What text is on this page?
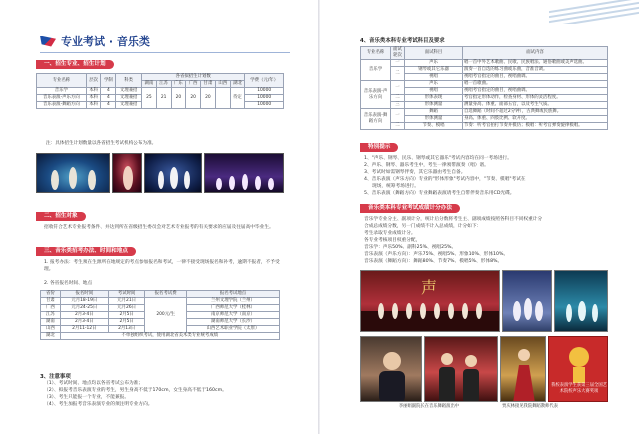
专业考试 · 音乐类
一、招生专业、招生计划
专业名称	层次	学制	科类	各省拟招生计划数							学费（元/年）
				湖南	江苏	广东	广西	甘肃	山西	湖北	
音乐学	本科	4	文理兼招	25	21	20	20	20		待定	10000
音乐表演-声乐方向	本科	4	文理兼招								10000
音乐表演-舞蹈方向	本科	4	文理兼招								10000
注：具体招生计划数量以各省招生考试机构公布为准。
二、招生对象
招收符合艺术专业报考条件、并达到所在省级招生委员会对艺术专业报考的有关要求的应届及往届高中毕业生。
三、音乐类招考办法、时间和地点
1. 报考办法：考生须在生源所在地规定的考点参加报名和考试，一律不接受现场报名和补考，逾期不报者，不予受理。
2. 各省报名时间、地点
省份	报名时间	考试时间	报名考试费	报名考试地点
甘肃	元月18-19日	元月21日	200元/生	兰州文理学院（兰州）
广西	元月24-25日	元月26日		广西师范大学（桂林）
江苏	2月3-4日	2月5日		南京师范大学（南京）
湖南	2月3-4日	2月5日		湖南师范大学（长沙）
山西	2月11-12日	2月13日		山西艺术职业学院（太原）
湖北	不单独组织考试，使用湖北省美术类专业统考成绩			
3、注意事项
（1）、考试时间、地点均以各省考试公布为准；
（2）、拟报考音乐表演专业的考生，男生身高不低于170cm，女生身高不低于160cm。
（3）、考生只能报一个专业，不能兼报。
（4）、考生加报考音乐表演专业的须注明专业方向。
4、音乐类本科专业考试科目及要求
专业名称	面试轮次	面试科目	面试内容
音乐学	一	声乐	唱一首中外艺术歌曲、民歌、民族唱法、通俗歌曲或美声选曲。
	二	钢琴或其它乐器	演奏一首自选的练习曲或乐曲，音准音调。
		视唱	视唱考官指定的曲目，视唱曲调。
音乐表演-声乐方向	一	声乐	唱一首歌曲。
		视唱	视唱考官指定的曲目，视唱曲调。
	二	形体表现	考官指定形体动作，检查身材、形体的灵活程度。
	三	形体测量	测量身高、体重、面部五官，以及考生气质。
音乐表演-舞蹈方向	一	舞蹈	自选舞蹈（时间不超过2分钟），古典舞或民族舞。
		形体测量	身高、体重、四肢比例、软开度。
	二	节奏、模唱	节奏：听考官拍打节奏并模仿；模唱：听考官弹奏旋律模唱。
特别提示
1、"声乐、钢琴、民乐、钢琴或其它器乐"考试内容均在同一考场进行。
2、声乐、钢琴、器乐考生中，考生一律须带演奏（唱）谱。
3、考试时如需钢琴伴奏，其它乐器由考生自备。
4、音乐表演（声乐方向）专业的"形体形象"考试内容中，"节奏、模唱"考试在
现场，统筹考场进行。
5、音乐表演（舞蹈方向）专业舞蹈表演请考生自带伴奏音乐用CD光碟。
音乐类本科专业考试成绩计分办法
音乐学专业分主、副项计分，统计后分数将考生主、副项成绩按照各科目不同权重计分
合成总成绩分数，另一门成绩不计入总成绩，计分如下：
考生录取专业成绩计分。
各专业考核项目权重分配，
音乐学：声乐50%、副科25%、视唱25%。
音乐表演（声乐方向）：声乐75%、视唱5%、形象10%、形体10%。
音乐表演（舞蹈方向）：舞蹈80%、节奏7%、模唱5%、形体8%。
声
我校表演学生获第三届全国艺术院校声乐大赛奖项
李丽娟副院长在音乐舞蹈演出中	贾庆林接见我院舞蹈教师代表
